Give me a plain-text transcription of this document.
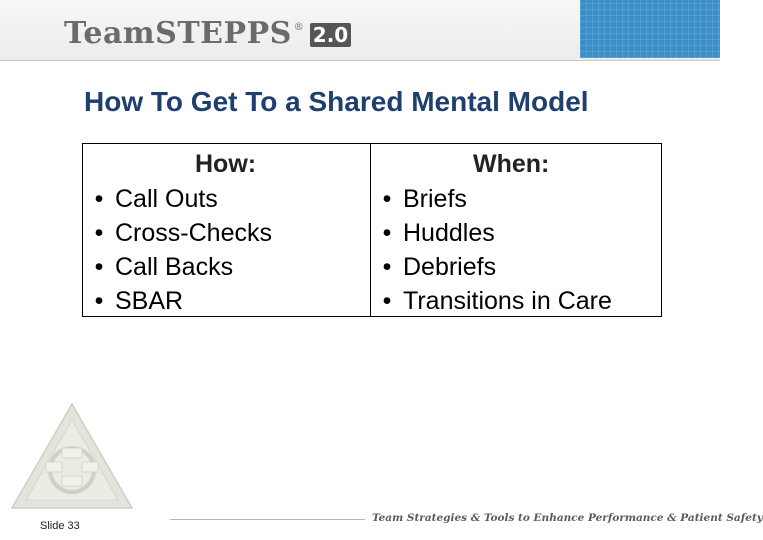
TeamSTEPPS ® 2.0
How To Get To a Shared Mental Model
How:
• Call Outs
• Cross-Checks
• Call Backs
• SBAR
When:
• Briefs
• Huddles
• Debriefs
• Transitions in Care
Slide 33
Team Strategies & Tools to Enhance Performance & Patient Safety
